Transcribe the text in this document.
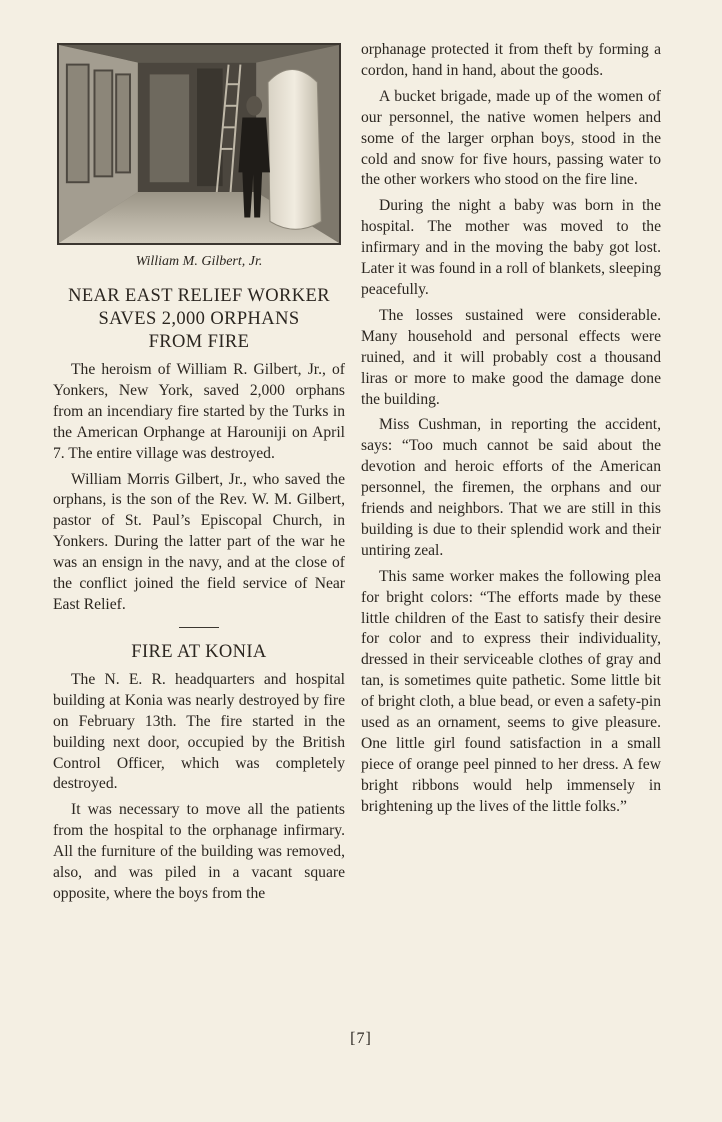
William M. Gilbert, Jr.
NEAR EAST RELIEF WORKER
SAVES 2,000 ORPHANS
FROM FIRE

The heroism of William R. Gilbert, Jr., of Yonkers, New York, saved 2,000 orphans from an incendiary fire started by the Turks in the American Orphange at Harouniji on April 7. The entire village was destroyed.

William Morris Gilbert, Jr., who saved the orphans, is the son of the Rev. W. M. Gilbert, pastor of St. Paul’s Episcopal Church, in Yonkers. During the latter part of the war he was an ensign in the navy, and at the close of the conflict joined the field service of Near East Relief.

FIRE AT KONIA

The N. E. R. headquarters and hospital building at Konia was nearly destroyed by fire on February 13th. The fire started in the building next door, occupied by the British Control Officer, which was completely destroyed.

It was necessary to move all the patients from the hospital to the orphanage infirmary. All the furniture of the building was removed, also, and was piled in a vacant square opposite, where the boys from the

orphanage protected it from theft by forming a cordon, hand in hand, about the goods.

A bucket brigade, made up of the women of our personnel, the native women helpers and some of the larger orphan boys, stood in the cold and snow for five hours, passing water to the other workers who stood on the fire line.

During the night a baby was born in the hospital. The mother was moved to the infirmary and in the moving the baby got lost. Later it was found in a roll of blankets, sleeping peacefully.

The losses sustained were considerable. Many household and personal effects were ruined, and it will probably cost a thousand liras or more to make good the damage done the building.

Miss Cushman, in reporting the accident, says: “Too much cannot be said about the devotion and heroic efforts of the American personnel, the firemen, the orphans and our friends and neighbors. That we are still in this building is due to their splendid work and their untiring zeal.

This same worker makes the following plea for bright colors: “The efforts made by these little children of the East to satisfy their desire for color and to express their individuality, dressed in their serviceable clothes of gray and tan, is sometimes quite pathetic. Some little bit of bright cloth, a blue bead, or even a safety-pin used as an ornament, seems to give pleasure. One little girl found satisfaction in a small piece of orange peel pinned to her dress. A few bright ribbons would help immensely in brightening up the lives of the little folks.”

[7]
